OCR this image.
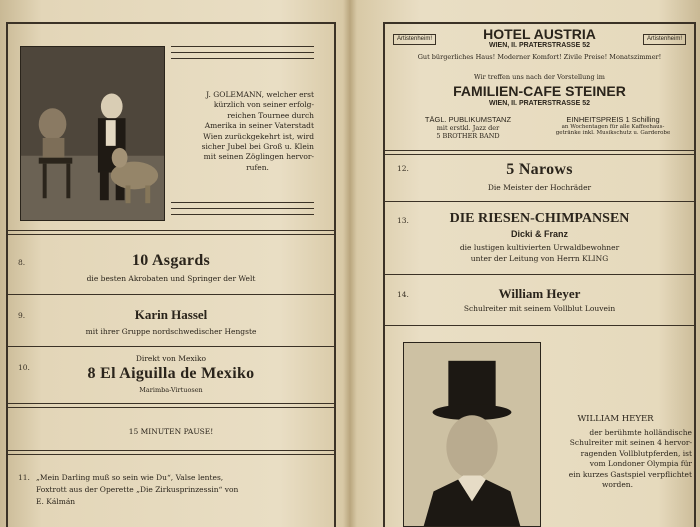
J. GOLEMANN, welcher erst
kürzlich von seiner erfolg-
reichen Tournee durch
Amerika in seiner Vaterstadt
Wien zurückgekehrt ist, wird
sicher Jubel bei Groß u. Klein
mit seinen Zöglingen hervor-
rufen.
8.	10 Asgards
die besten Akrobaten und Springer der Welt
9.	Karin Hassel
mit ihrer Gruppe nordschwedischer Hengste
10.
Direkt von Mexiko
8 El Aiguilla de Mexiko
Marimba-Virtuosen
15 MINUTEN PAUSE!
11. „Mein Darling muß so sein wie Du“, Valse lentes,
Foxtrott aus der Operette „Die Zirkusprinzessin“ von
E. Kálmán
Artistenheim!	Artistenheim!
HOTEL AUSTRIA
WIEN, II. PRATERSTRASSE 52
Gut bürgerliches Haus! Moderner Komfort! Zivile Preise! Monatszimmer!
Wir treffen uns nach der Vorstellung im
FAMILIEN-CAFE STEINER
WIEN, II. PRATERSTRASSE 52
TÄGL. PUBLIKUMSTANZ
mit erstkl. Jazz der
5 BROTHER BAND
EINHEITSPREIS 1 Schilling
an Wochentagen für alle Kaffeehaus-
getränke inkl. Musikschutz u. Garderobe
12.	5 Narows
Die Meister der Hochräder
13.	DIE RIESEN-CHIMPANSEN
Dicki & Franz
die lustigen kultivierten Urwaldbewohner
unter der Leitung von Herrn KLING
14.	William Heyer
Schulreiter mit seinem Vollblut Louvein
WILLIAM HEYER
der berühmte holländische
Schulreiter mit seinen 4 hervor-
ragenden Vollblutpferden, ist
vom Londoner Olympia für
ein kurzes Gastspiel verpflichtet
worden.
